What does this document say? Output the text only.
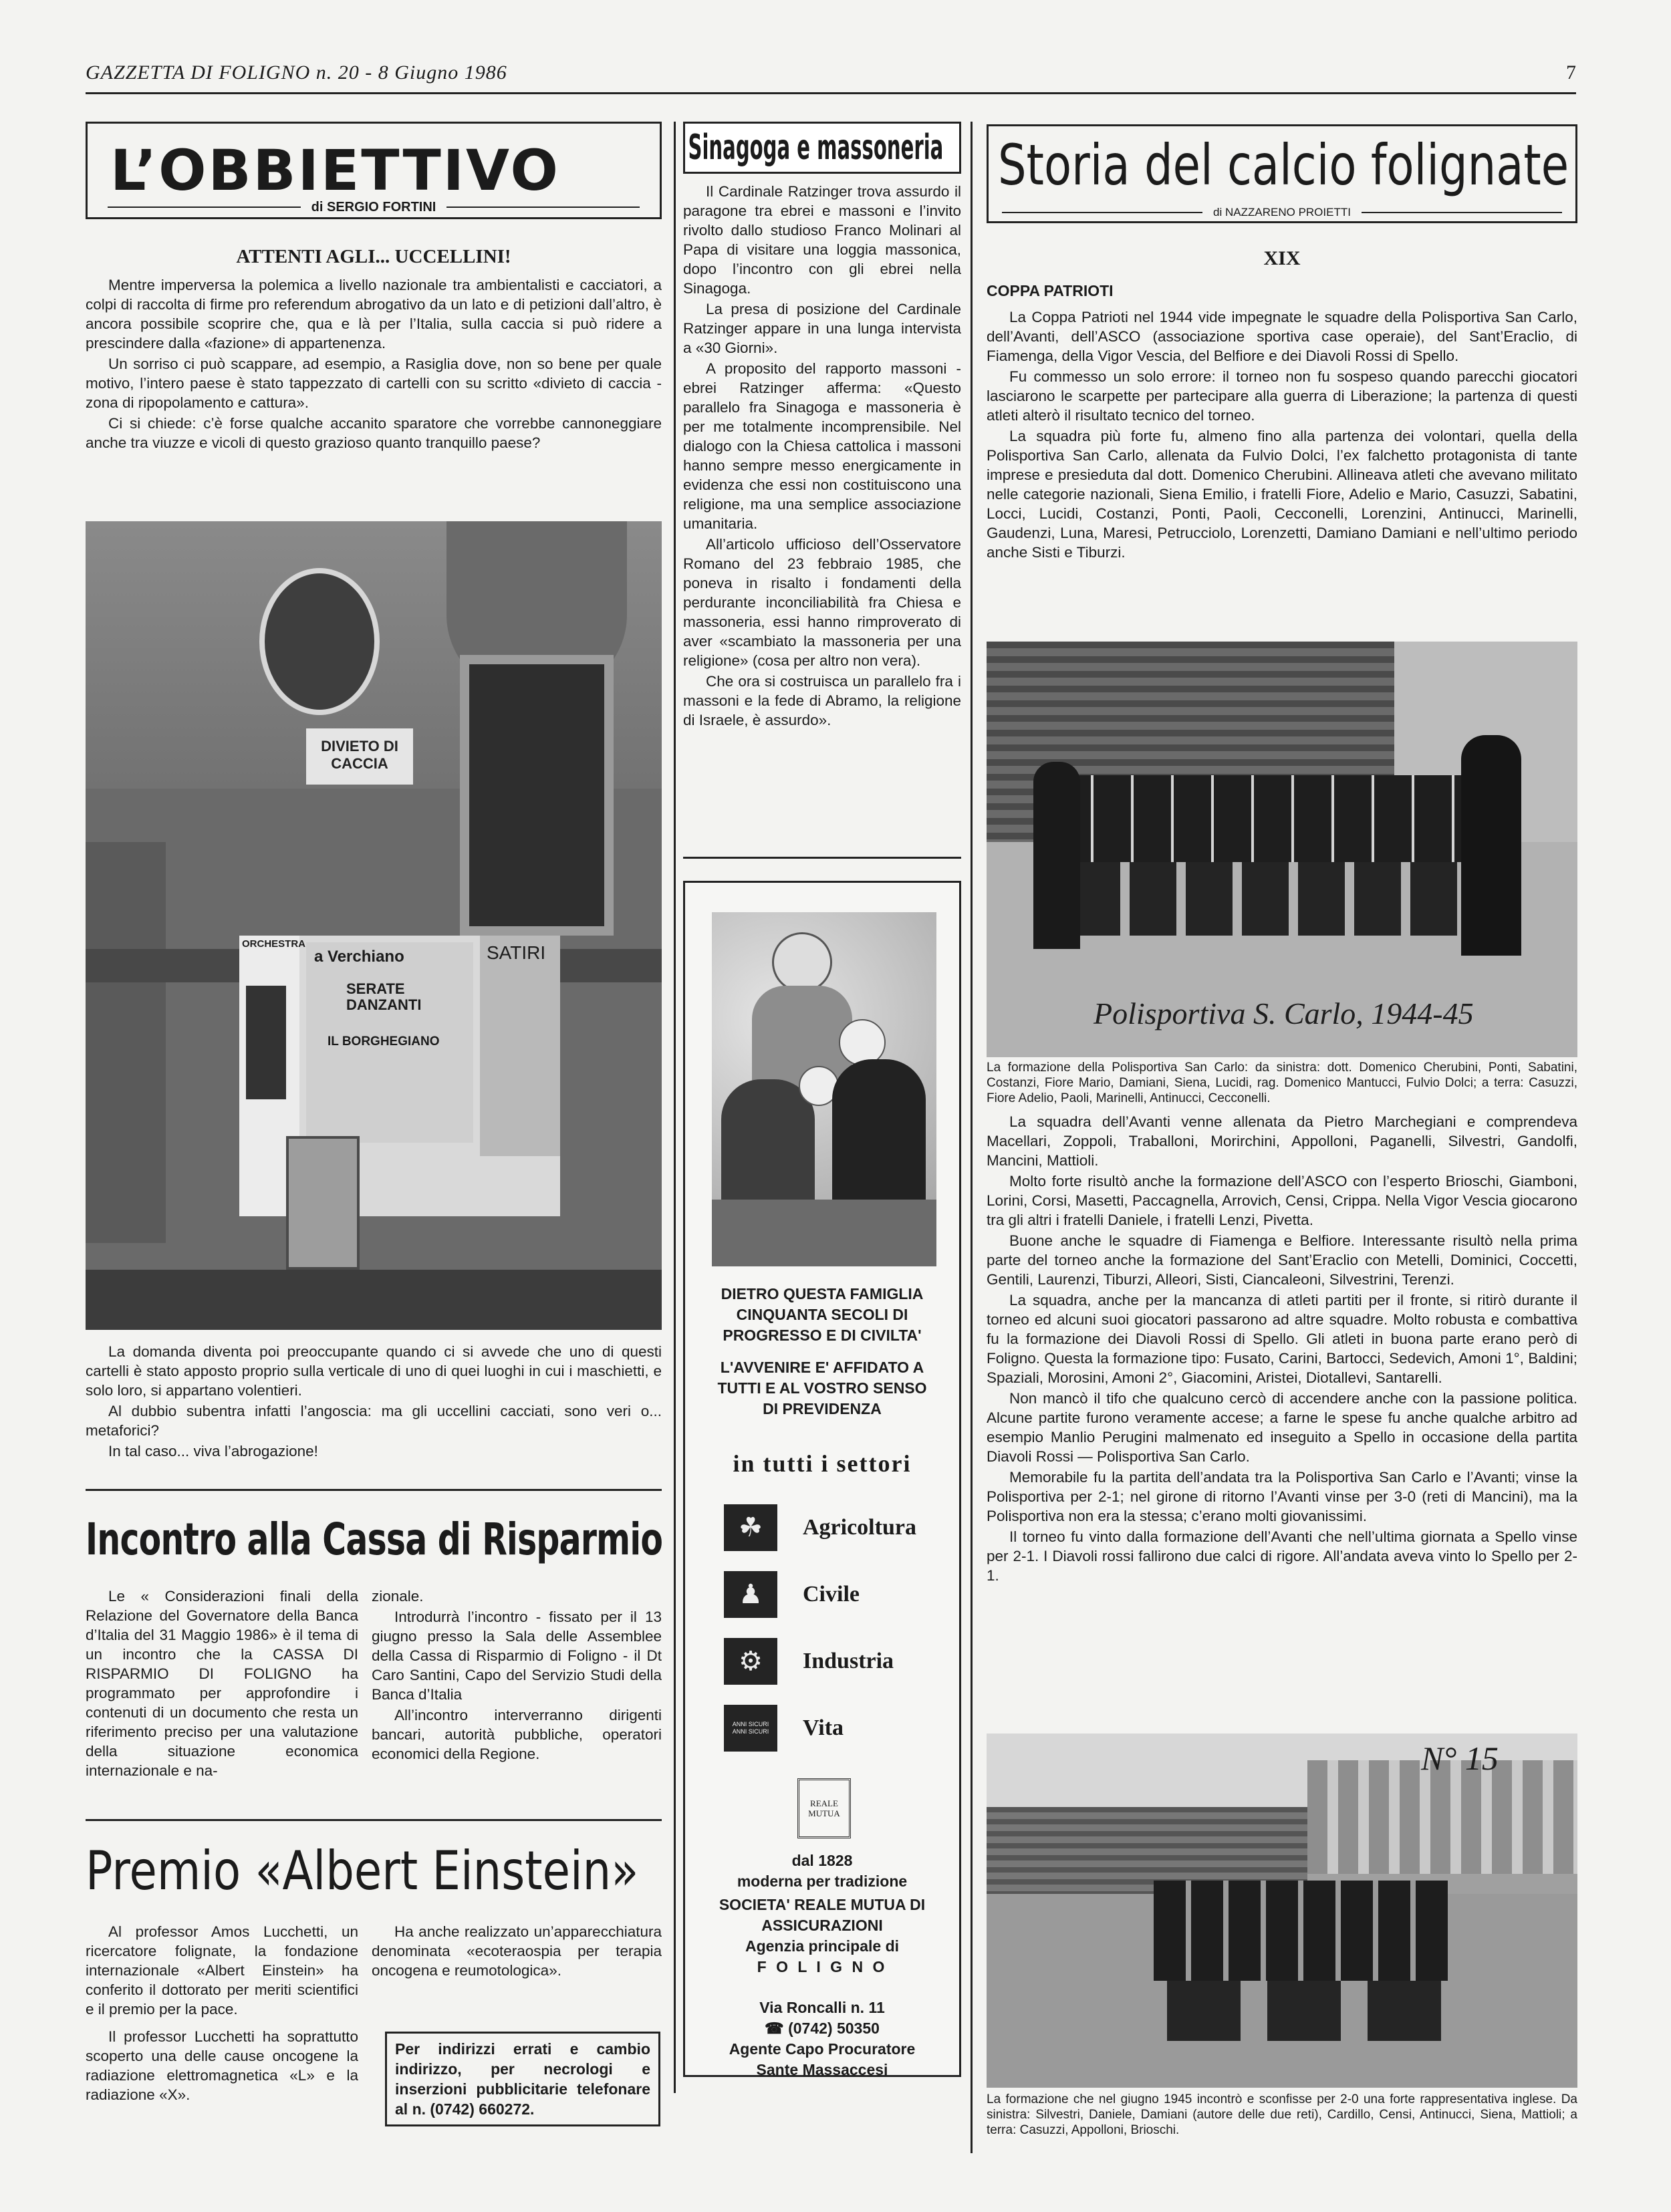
GAZZETTA DI FOLIGNO n. 20 - 8 Giugno 1986	7
L’OBBIETTIVO
di SERGIO FORTINI
ATTENTI AGLI... UCCELLINI!

Mentre imperversa la polemica a livello nazionale tra ambientalisti e cacciatori, a colpi di raccolta di firme pro referendum abrogativo da un lato e di petizioni dall’altro, è ancora possibile scoprire che, qua e là per l’Italia, sulla caccia si può ridere a prescindere dalla «fazione» di appartenenza.

Un sorriso ci può scappare, ad esempio, a Rasiglia dove, non so bene per quale motivo, l’intero paese è stato tappezzato di cartelli con su scritto «divieto di caccia - zona di ripopolamento e cattura».

Ci si chiede: c’è forse qualche accanito sparatore che vorrebbe cannoneggiare anche tra viuzze e vicoli di questo grazioso quanto tranquillo paese?

DIVIETO DI CACCIA
ORCHESTRA
a Verchiano
SERATE DANZANTI
IL BORGHEGIANO
SATIRI

La domanda diventa poi preoccupante quando ci si avvede che uno di questi cartelli è stato apposto proprio sulla verticale di uno di quei luoghi in cui i maschietti, e solo loro, si appartano volentieri.

Al dubbio subentra infatti l’angoscia: ma gli uccellini cacciati, sono veri o... metaforici?

In tal caso... viva l’abrogazione!

Incontro alla Cassa di Risparmio

Le « Considerazioni finali della Relazione del Governatore della Banca d’Italia del 31 Maggio 1986» è il tema di un incontro che la CASSA DI RISPARMIO DI FOLIGNO ha programmato per approfondire i contenuti di un documento che resta un riferimento preciso per una valutazione della situazione economica internazionale e na-

zionale.

Introdurrà l’incontro - fissato per il 13 giugno presso la Sala delle Assemblee della Cassa di Risparmio di Foligno - il Dt Caro Santini, Capo del Servizio Studi della Banca d’Italia

All’incontro interverranno dirigenti bancari, autorità pubbliche, operatori economici della Regione.

Premio «Albert Einstein»

Al professor Amos Lucchetti, un ricercatore folignate, la fondazione internazionale «Albert Einstein» ha conferito il dottorato per meriti scientifici e il premio per la pace.

Il professor Lucchetti ha soprattutto scoperto una delle cause oncogene la radiazione elettromagnetica «L» e la radiazione «X».

Ha anche realizzato un’apparecchiatura denominata «ecoteraospia per terapia oncogena e reumotologica».

Per indirizzi errati e cambio indirizzo, per necrologi e inserzioni pubblicitarie telefonare al n. (0742) 660272.
Sinagoga e massoneria

Il Cardinale Ratzinger trova assurdo il paragone tra ebrei e massoni e l’invito rivolto dallo studioso Franco Molinari al Papa di visitare una loggia massonica, dopo l’incontro con gli ebrei nella Sinagoga.

La presa di posizione del Cardinale Ratzinger appare in una lunga intervista a «30 Giorni».

A proposito del rapporto massoni -ebrei Ratzinger afferma: «Questo parallelo fra Sinagoga e massoneria è per me totalmente incomprensibile. Nel dialogo con la Chiesa cattolica i massoni hanno sempre messo energicamente in evidenza che essi non costituiscono una religione, ma una semplice associazione umanitaria.

All’articolo ufficioso dell’Osservatore Romano del 23 febbraio 1985, che poneva in risalto i fondamenti della perdurante inconciliabilità fra Chiesa e massoneria, essi hanno rimproverato di aver «scambiato la massoneria per una religione» (cosa per altro non vera).

Che ora si costruisca un parallelo fra i massoni e la fede di Abramo, la religione di Israele, è assurdo».

DIETRO QUESTA FAMIGLIA CINQUANTA SECOLI DI PROGRESSO E DI CIVILTA'
L'AVVENIRE E' AFFIDATO A TUTTI E AL VOSTRO SENSO DI PREVIDENZA
in tutti i settori
☘	Agricoltura
♟	Civile
⚙	Industria
ANNI SICURI ANNI SICURI	Vita
REALE MUTUA
dal 1828
moderna per tradizione
SOCIETA' REALE MUTUA DI ASSICURAZIONI
Agenzia principale di
F O L I G N O
Via Roncalli n. 11
☎ (0742) 50350
Agente Capo Procuratore
Sante Massaccesi
Storia del calcio folignate
di NAZZARENO PROIETTI
XIX
COPPA PATRIOTI

La Coppa Patrioti nel 1944 vide impegnate le squadre della Polisportiva San Carlo, dell’Avanti, dell’ASCO (associazione sportiva case operaie), del Sant’Eraclio, di Fiamenga, della Vigor Vescia, del Belfiore e dei Diavoli Rossi di Spello.

Fu commesso un solo errore: il torneo non fu sospeso quando parecchi giocatori lasciarono le scarpette per partecipare alla guerra di Liberazione; la partenza di questi atleti alterò il risultato tecnico del torneo.

La squadra più forte fu, almeno fino alla partenza dei volontari, quella della Polisportiva San Carlo, allenata da Fulvio Dolci, l’ex falchetto protagonista di tante imprese e presieduta dal dott. Domenico Cherubini. Allineava atleti che avevano militato nelle categorie nazionali, Siena Emilio, i fratelli Fiore, Adelio e Mario, Casuzzi, Sabatini, Locci, Lucidi, Costanzi, Ponti, Paoli, Cecconelli, Lorenzini, Antinucci, Marinelli, Gaudenzi, Luna, Maresi, Petrucciolo, Lorenzetti, Damiano Damiani e nell’ultimo periodo anche Sisti e Tiburzi.

Polisportiva S. Carlo, 1944-45
La formazione della Polisportiva San Carlo: da sinistra: dott. Domenico Cherubini, Ponti, Sabatini, Costanzi, Fiore Mario, Damiani, Siena, Lucidi, rag. Domenico Mantucci, Fulvio Dolci; a terra: Casuzzi, Fiore Adelio, Paoli, Marinelli, Antinucci, Cecconelli.

La squadra dell’Avanti venne allenata da Pietro Marchegiani e comprendeva Macellari, Zoppoli, Traballoni, Morirchini, Appolloni, Paganelli, Silvestri, Gandolfi, Mancini, Mattioli.

Molto forte risultò anche la formazione dell’ASCO con l’esperto Brioschi, Giamboni, Lorini, Corsi, Masetti, Paccagnella, Arrovich, Censi, Crippa. Nella Vigor Vescia giocarono tra gli altri i fratelli Daniele, i fratelli Lenzi, Pivetta.

Buone anche le squadre di Fiamenga e Belfiore. Interessante risultò nella prima parte del torneo anche la formazione del Sant’Eraclio con Metelli, Dominici, Coccetti, Gentili, Laurenzi, Tiburzi, Alleori, Sisti, Ciancaleoni, Silvestrini, Terenzi.

La squadra, anche per la mancanza di atleti partiti per il fronte, si ritirò durante il torneo ed alcuni suoi giocatori passarono ad altre squadre. Molto robusta e combattiva fu la formazione dei Diavoli Rossi di Spello. Gli atleti in buona parte erano però di Foligno. Questa la formazione tipo: Fusato, Carini, Bartocci, Sedevich, Amoni 1°, Baldini; Spaziali, Morosini, Amoni 2°, Giacomini, Aristei, Diotallevi, Santarelli.

Non mancò il tifo che qualcuno cercò di accendere anche con la passione politica. Alcune partite furono veramente accese; a farne le spese fu anche qualche arbitro ad esempio Manlio Perugini malmenato ed inseguito a Spello in occasione della partita Diavoli Rossi — Polisportiva San Carlo.

Memorabile fu la partita dell’andata tra la Polisportiva San Carlo e l’Avanti; vinse la Polisportiva per 2-1; nel girone di ritorno l’Avanti vinse per 3-0 (reti di Mancini), ma la Polisportiva non era la stessa; c’erano molti giovanissimi.

Il torneo fu vinto dalla formazione dell’Avanti che nell’ultima giornata a Spello vinse per 2-1. I Diavoli rossi fallirono due calci di rigore. All’andata aveva vinto lo Spello per 2-1.

N° 15
La formazione che nel giugno 1945 incontrò e sconfisse per 2-0 una forte rappresentativa inglese. Da sinistra: Silvestri, Daniele, Damiani (autore delle due reti), Cardillo, Censi, Antinucci, Siena, Mattioli; a terra: Casuzzi, Appolloni, Brioschi.
